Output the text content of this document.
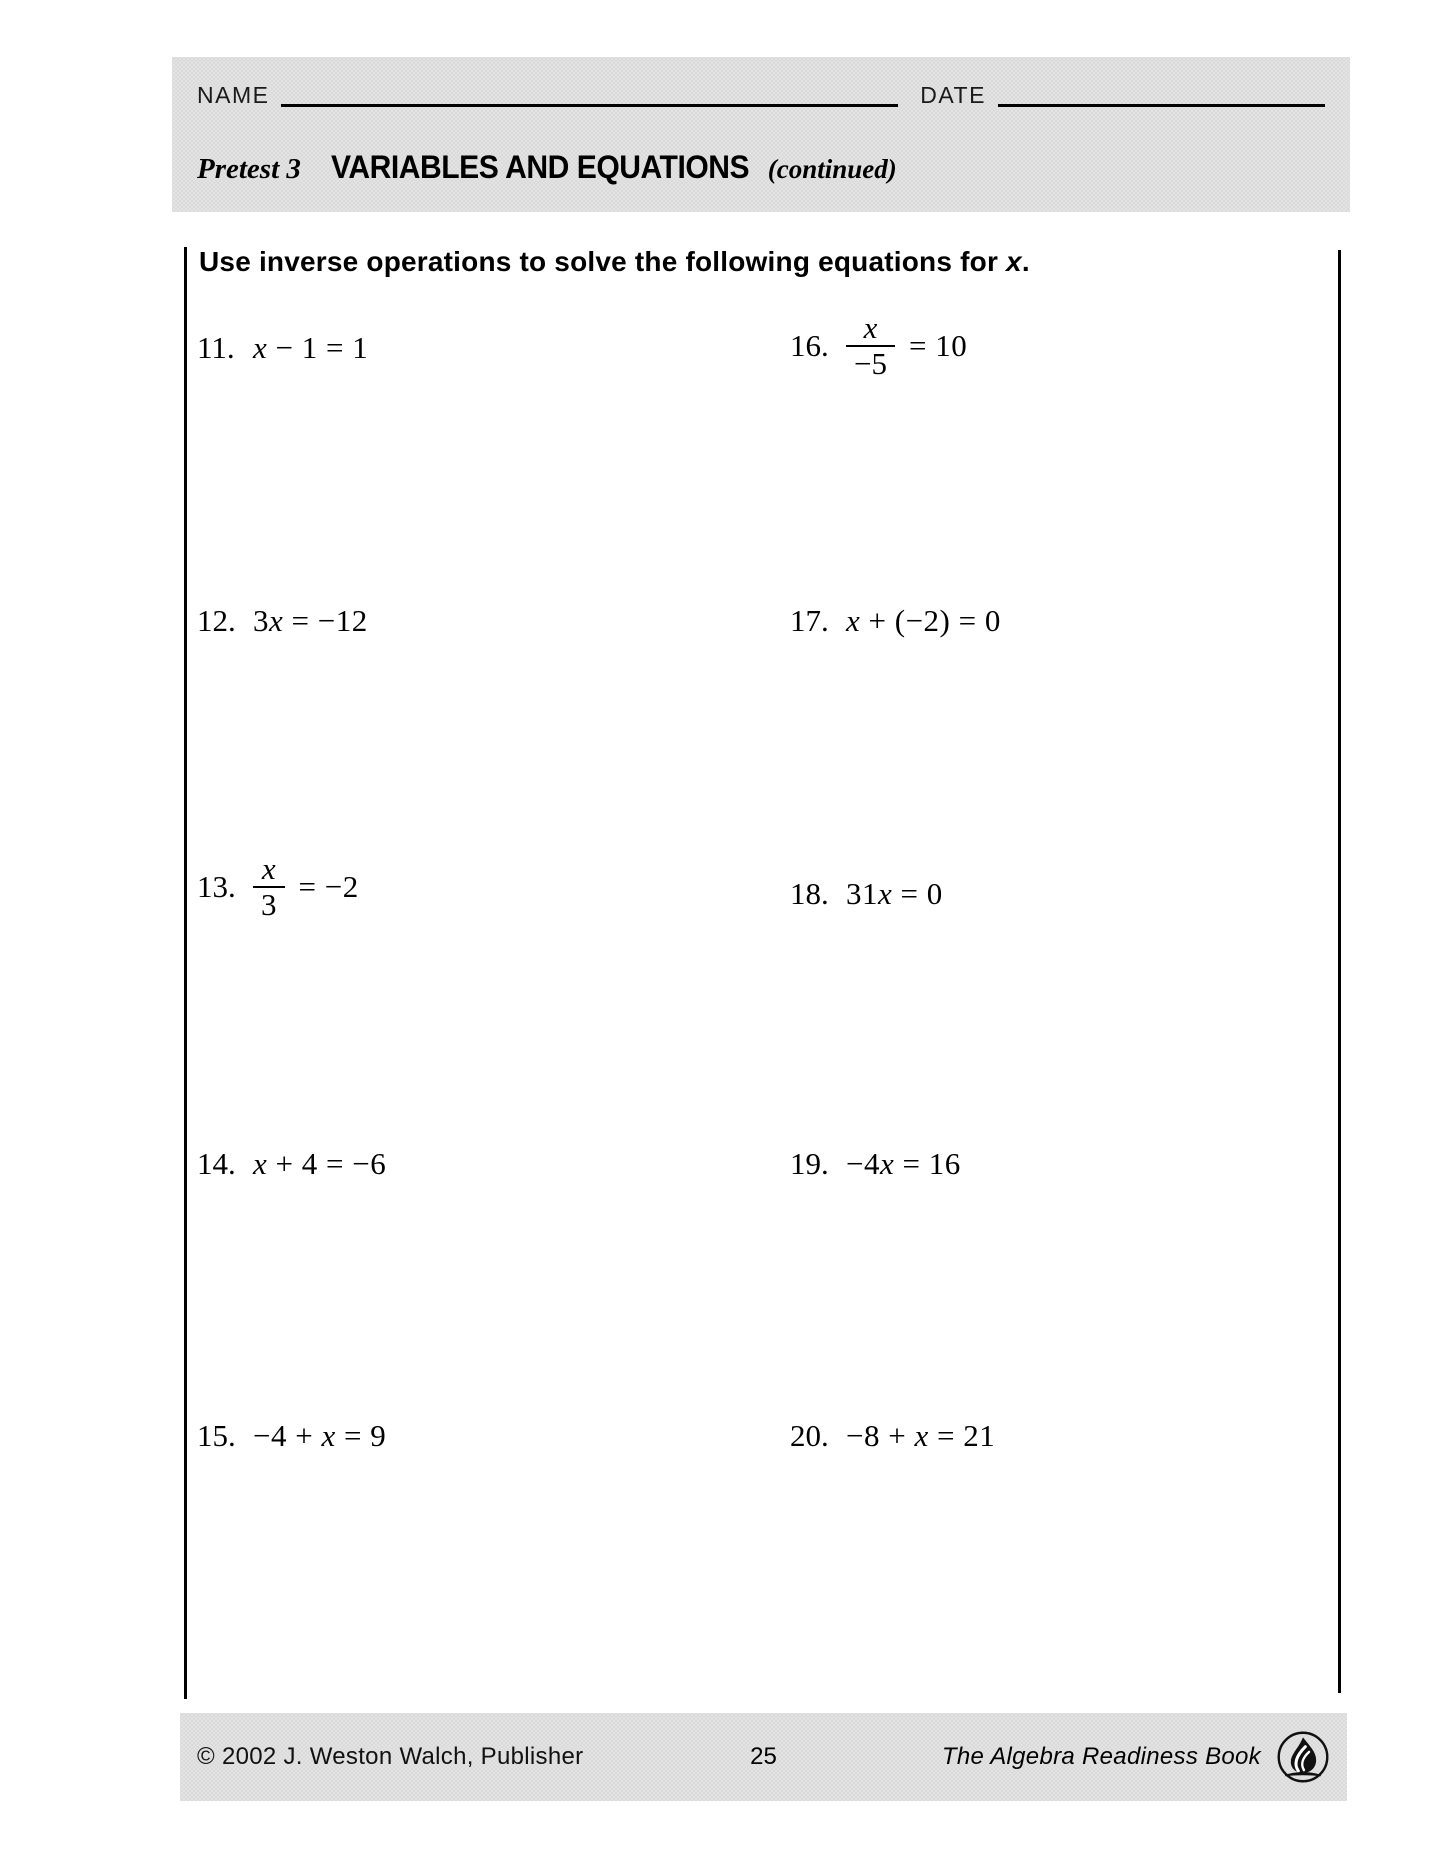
NAME	DATE
Pretest 3 VARIABLES AND EQUATIONS (continued)
Use inverse operations to solve the following equations for x.
11. x − 1 = 1
12. 3x = −12
13. $\frac{x}{3} = -2$
14. x + 4 = −6
15. −4 + x = 9
16. $\frac{x}{-5} = 10$
17. x + (−2) = 0
18. 31x = 0
19. −4x = 16
20. −8 + x = 21
© 2002 J. Weston Walch, Publisher	25	The Algebra Readiness Book
